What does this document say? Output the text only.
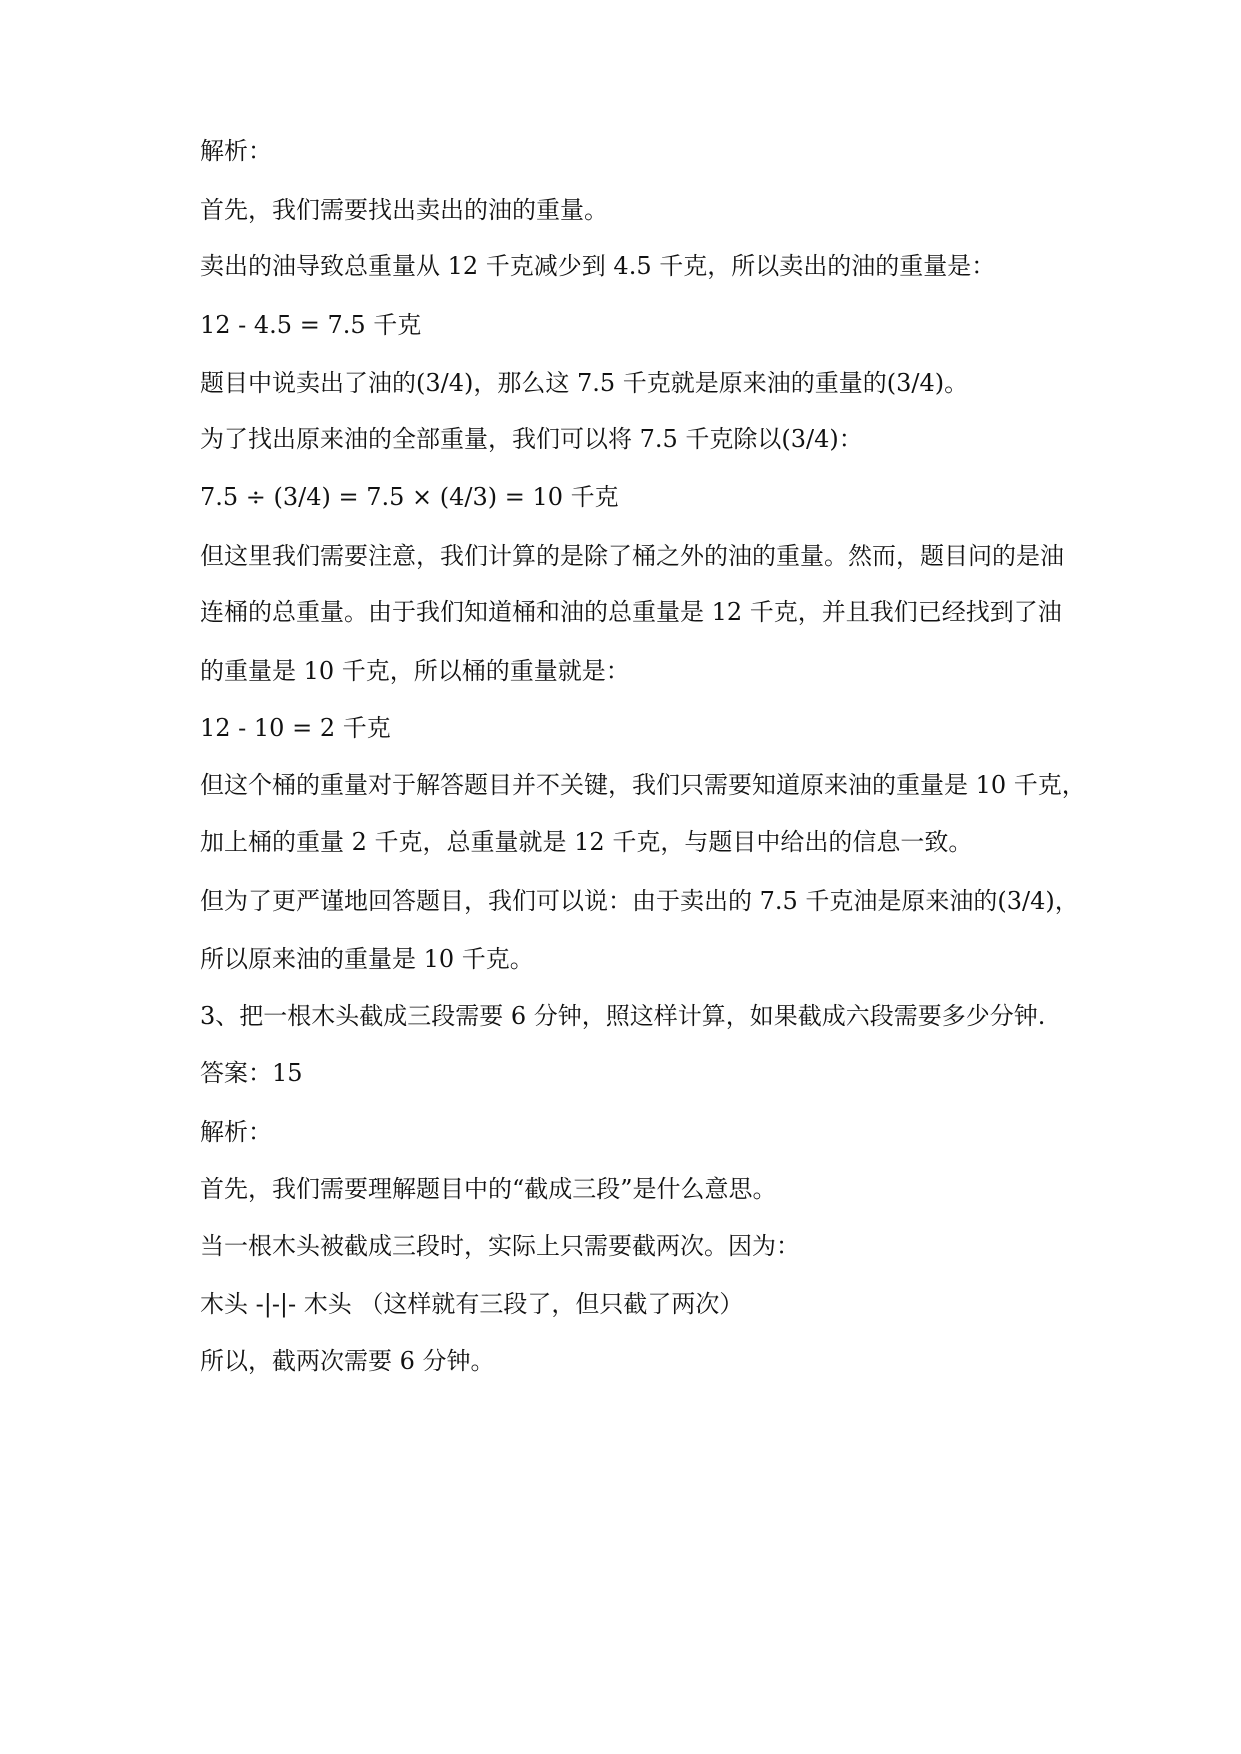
解析：
首先，我们需要找出卖出的油的重量。
卖出的油导致总重量从 12 千克减少到 4.5 千克，所以卖出的油的重量是：
12 - 4.5 = 7.5 千克
题目中说卖出了油的(3/4)，那么这 7.5 千克就是原来油的重量的(3/4)。
为了找出原来油的全部重量，我们可以将 7.5 千克除以(3/4)：
7.5 ÷ (3/4) = 7.5 × (4/3) = 10 千克
但这里我们需要注意，我们计算的是除了桶之外的油的重量。然而，题目问的是油
连桶的总重量。由于我们知道桶和油的总重量是 12 千克，并且我们已经找到了油
的重量是 10 千克，所以桶的重量就是：
12 - 10 = 2 千克
但这个桶的重量对于解答题目并不关键，我们只需要知道原来油的重量是 10 千克，
加上桶的重量 2 千克，总重量就是 12 千克，与题目中给出的信息一致。
但为了更严谨地回答题目，我们可以说：由于卖出的 7.5 千克油是原来油的(3/4)，
所以原来油的重量是 10 千克。
3、把一根木头截成三段需要 6 分钟，照这样计算，如果截成六段需要多少分钟.
答案：15
解析：
首先，我们需要理解题目中的“截成三段”是什么意思。
当一根木头被截成三段时，实际上只需要截两次。因为：
木头 -|-|- 木头 （这样就有三段了，但只截了两次）
所以，截两次需要 6 分钟。
